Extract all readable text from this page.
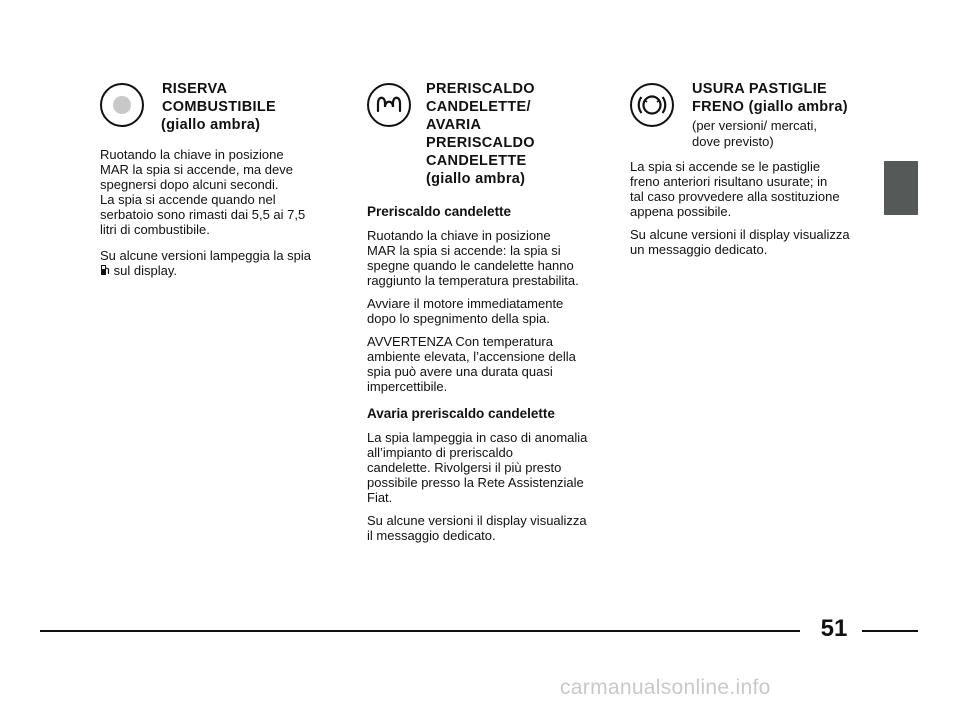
RISERVA
COMBUSTIBILE
(giallo ambra)
Ruotando la chiave in posizione
MAR la spia si accende, ma deve
spegnersi dopo alcuni secondi.
La spia si accende quando nel
serbatoio sono rimasti dai 5,5 ai 7,5
litri di combustibile.
Su alcune versioni lampeggia la spia
sul display.
PRERISCALDO
CANDELETTE/
AVARIA
PRERISCALDO
CANDELETTE
(giallo ambra)
Preriscaldo candelette
Ruotando la chiave in posizione
MAR la spia si accende: la spia si
spegne quando le candelette hanno
raggiunto la temperatura prestabilita.
Avviare il motore immediatamente
dopo lo spegnimento della spia.
AVVERTENZA Con temperatura
ambiente elevata, l’accensione della
spia può avere una durata quasi
impercettibile.
Avaria preriscaldo candelette
La spia lampeggia in caso di anomalia
all’impianto di preriscaldo
candelette. Rivolgersi il più presto
possibile presso la Rete Assistenziale
Fiat.
Su alcune versioni il display visualizza
il messaggio dedicato.
USURA PASTIGLIE
FRENO (giallo ambra)
(per versioni/ mercati,
dove previsto)
La spia si accende se le pastiglie
freno anteriori risultano usurate; in
tal caso provvedere alla sostituzione
appena possibile.
Su alcune versioni il display visualizza
un messaggio dedicato.
51
carmanualsonline.info
